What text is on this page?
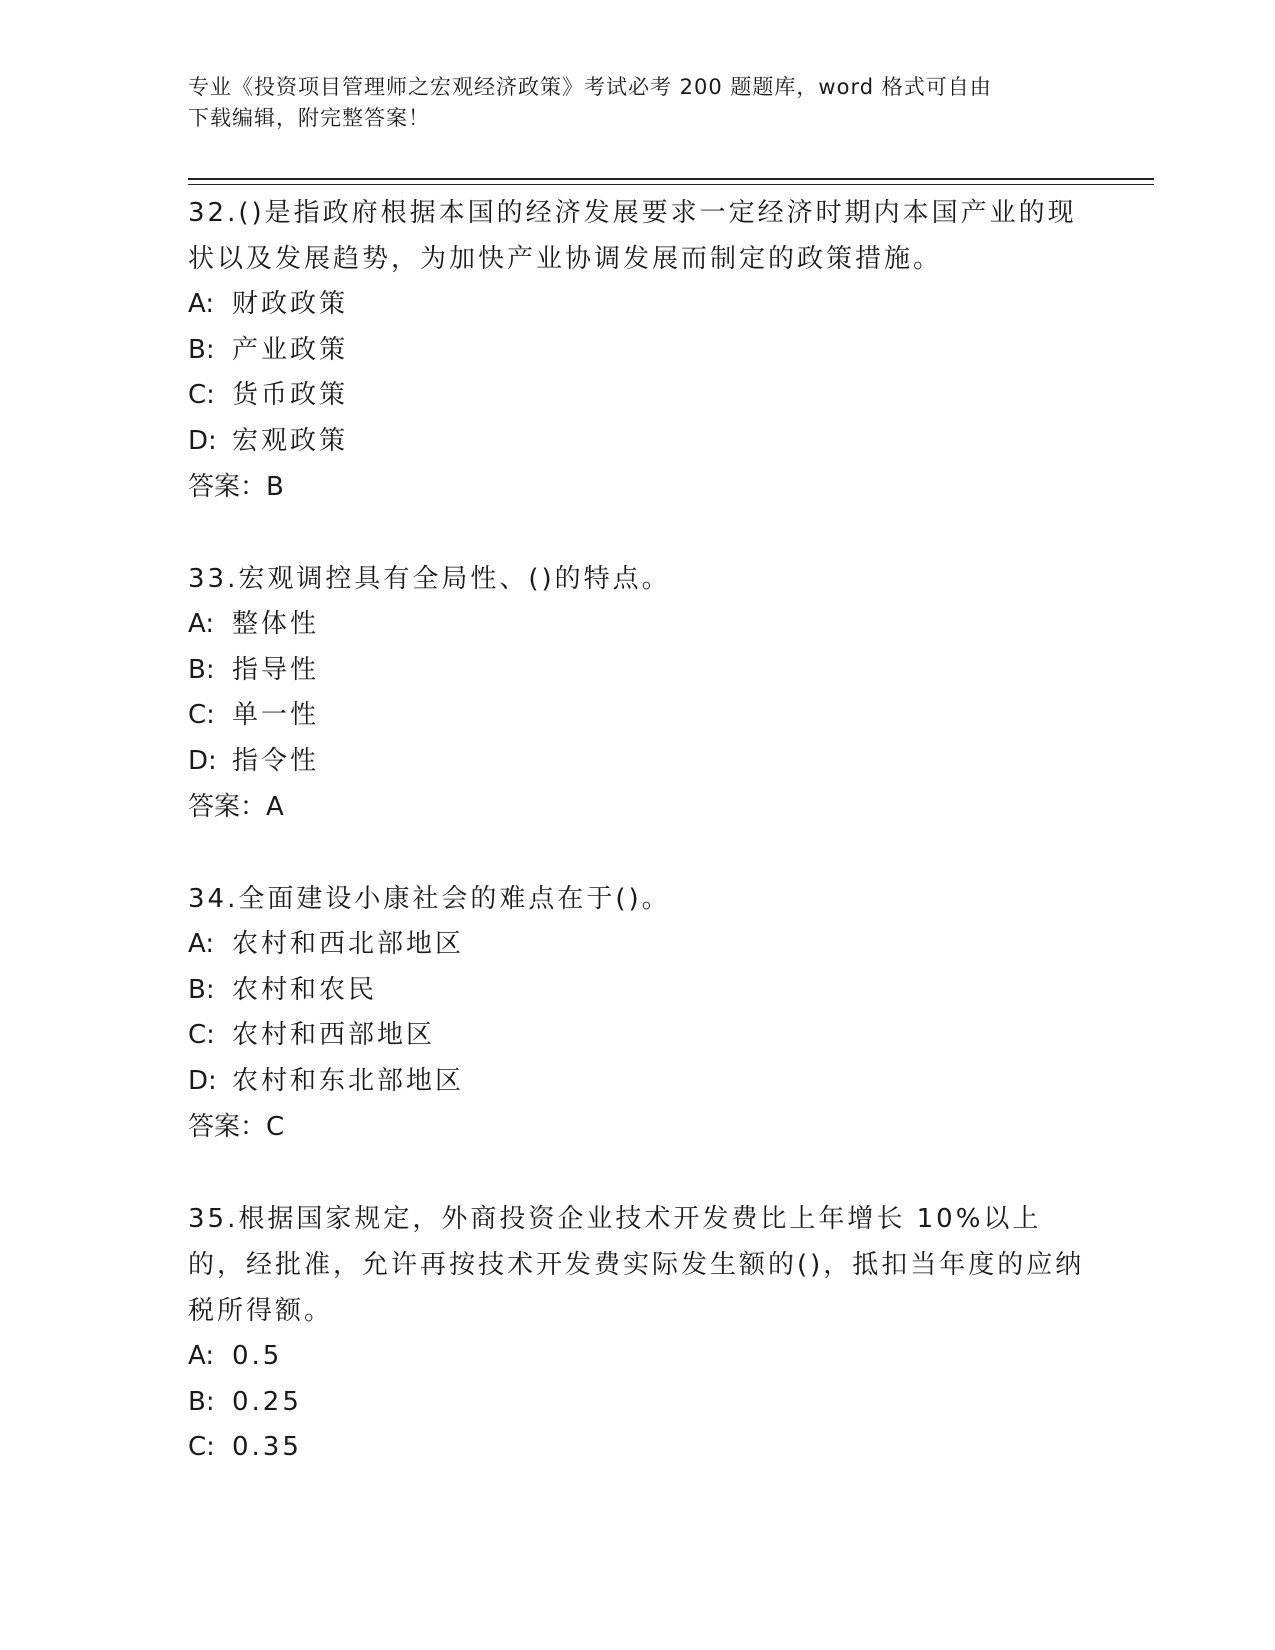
专业《投资项目管理师之宏观经济政策》考试必考 200 题题库，word 格式可自由
下载编辑，附完整答案！

32.()是指政府根据本国的经济发展要求一定经济时期内本国产业的现状以及发展趋势，为加快产业协调发展而制定的政策措施。

A: 财政政策

B: 产业政策

C: 货币政策

D: 宏观政策

答案：B

33.宏观调控具有全局性、()的特点。

A: 整体性

B: 指导性

C: 单一性

D: 指令性

答案：A

34.全面建设小康社会的难点在于()。

A: 农村和西北部地区

B: 农村和农民

C: 农村和西部地区

D: 农村和东北部地区

答案：C

35.根据国家规定，外商投资企业技术开发费比上年增长 10%以上的，经批准，允许再按技术开发费实际发生额的()，抵扣当年度的应纳税所得额。

A: 0.5

B: 0.25

C: 0.35
